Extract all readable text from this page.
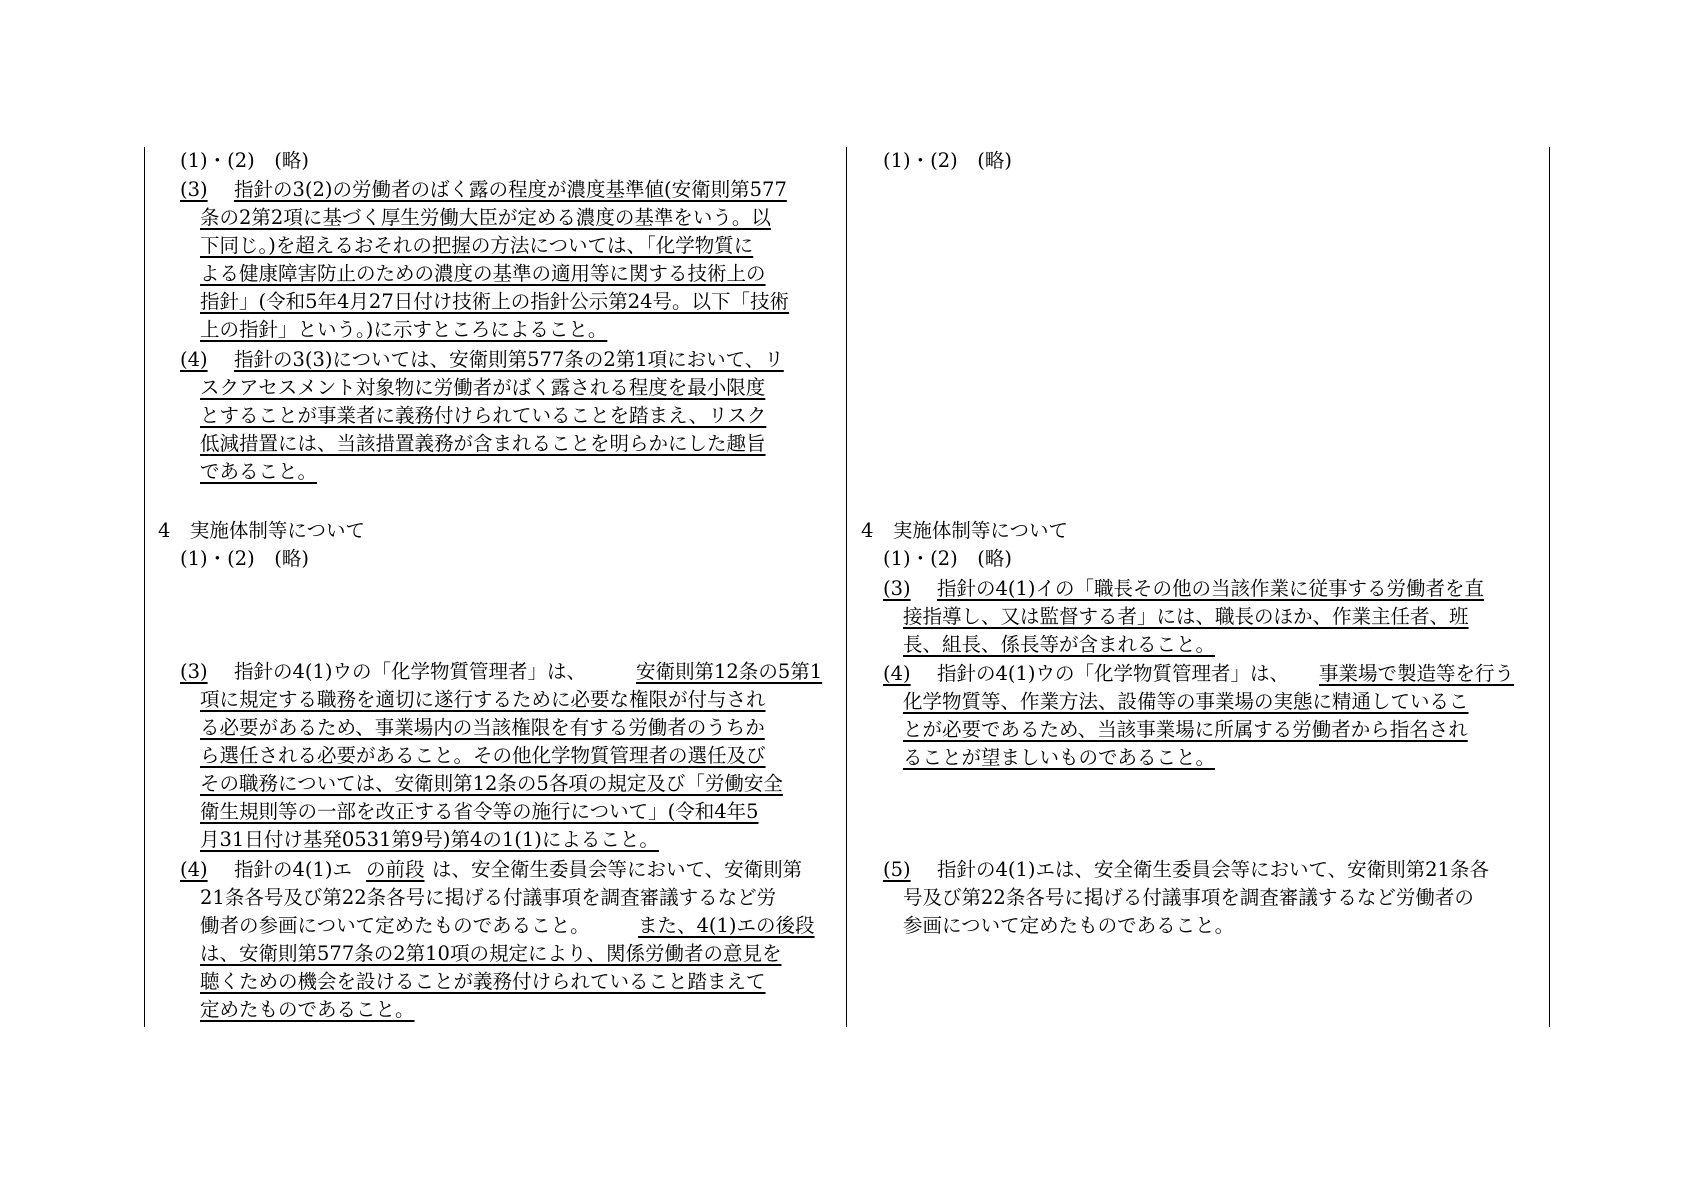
(1)・(2)　(略)
(3) 指針の3(2)の労働者のばく露の程度が濃度基準値(安衛則第577
条の2第2項に基づく厚生労働大臣が定める濃度の基準をいう。以
下同じ。)を超えるおそれの把握の方法については、「化学物質に
よる健康障害防止のための濃度の基準の適用等に関する技術上の
指針」(令和5年4月27日付け技術上の指針公示第24号。以下「技術
上の指針」という。)に示すところによること。
(4) 指針の3(3)については、安衛則第577条の2第1項において、リ
スクアセスメント対象物に労働者がばく露される程度を最小限度
とすることが事業者に義務付けられていることを踏まえ、リスク
低減措置には、当該措置義務が含まれることを明らかにした趣旨
であること。
4　実施体制等について
(1)・(2)　(略)
(3) 指針の4(1)ウの「化学物質管理者」は、	安衛則第12条の5第1
項に規定する職務を適切に遂行するために必要な権限が付与され
る必要があるため、事業場内の当該権限を有する労働者のうちか
ら選任される必要があること。その他化学物質管理者の選任及び
その職務については、安衛則第12条の5各項の規定及び「労働安全
衛生規則等の一部を改正する省令等の施行について」(令和4年5
月31日付け基発0531第9号)第4の1(1)によること。
(4) 指針の4(1)エ の前段 は、安全衛生委員会等において、安衛則第
21条各号及び第22条各号に掲げる付議事項を調査審議するなど労
働者の参画について定めたものであること。 また、4(1)エの後段
は、安衛則第577条の2第10項の規定により、関係労働者の意見を
聴くための機会を設けることが義務付けられていること踏まえて
定めたものであること。
(1)・(2)　(略)
4　実施体制等について
(1)・(2)　(略)
(3) 指針の4(1)イの「職長その他の当該作業に従事する労働者を直
接指導し、又は監督する者」には、職長のほか、作業主任者、班
長、組長、係長等が含まれること。
(4) 指針の4(1)ウの「化学物質管理者」は、 事業場で製造等を行う
化学物質等、作業方法、設備等の事業場の実態に精通しているこ
とが必要であるため、当該事業場に所属する労働者から指名され
ることが望ましいものであること。
(5) 指針の4(1)エは、安全衛生委員会等において、安衛則第21条各
号及び第22条各号に掲げる付議事項を調査審議するなど労働者の
参画について定めたものであること。
